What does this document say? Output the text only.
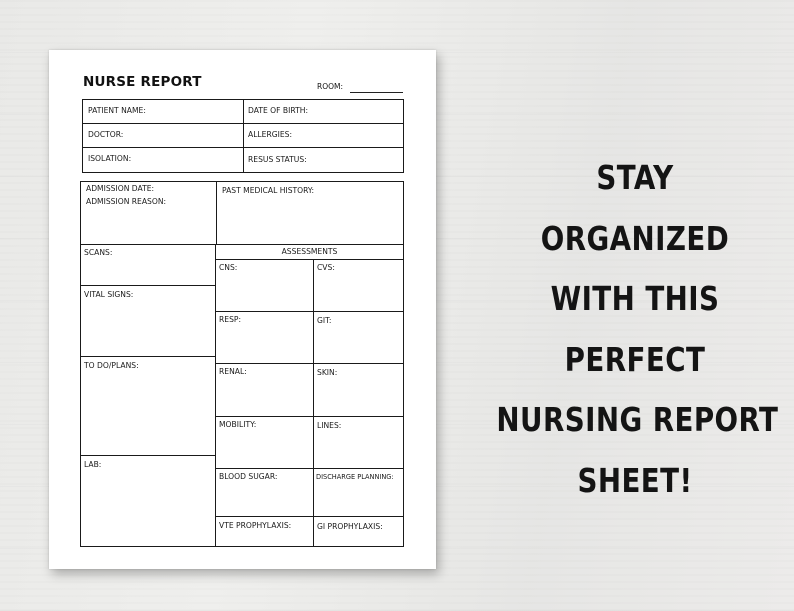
NURSE REPORT	ROOM:
PATIENT NAME:	DATE OF BIRTH:
DOCTOR:	ALLERGIES:
ISOLATION:	RESUS STATUS:
ADMISSION DATE:
ADMISSION REASON:
PAST MEDICAL HISTORY:
SCANS:
VITAL SIGNS:
TO DO/PLANS:
LAB:
ASSESSMENTS
CNS:	CVS:
RESP:	GIT:
RENAL:	SKIN:
MOBILITY:	LINES:
BLOOD SUGAR:	DISCHARGE PLANNING:
VTE PROPHYLAXIS:	GI PROPHYLAXIS:
STAY
ORGANIZED
WITH THIS
PERFECT
NURSING REPORT
SHEET!
